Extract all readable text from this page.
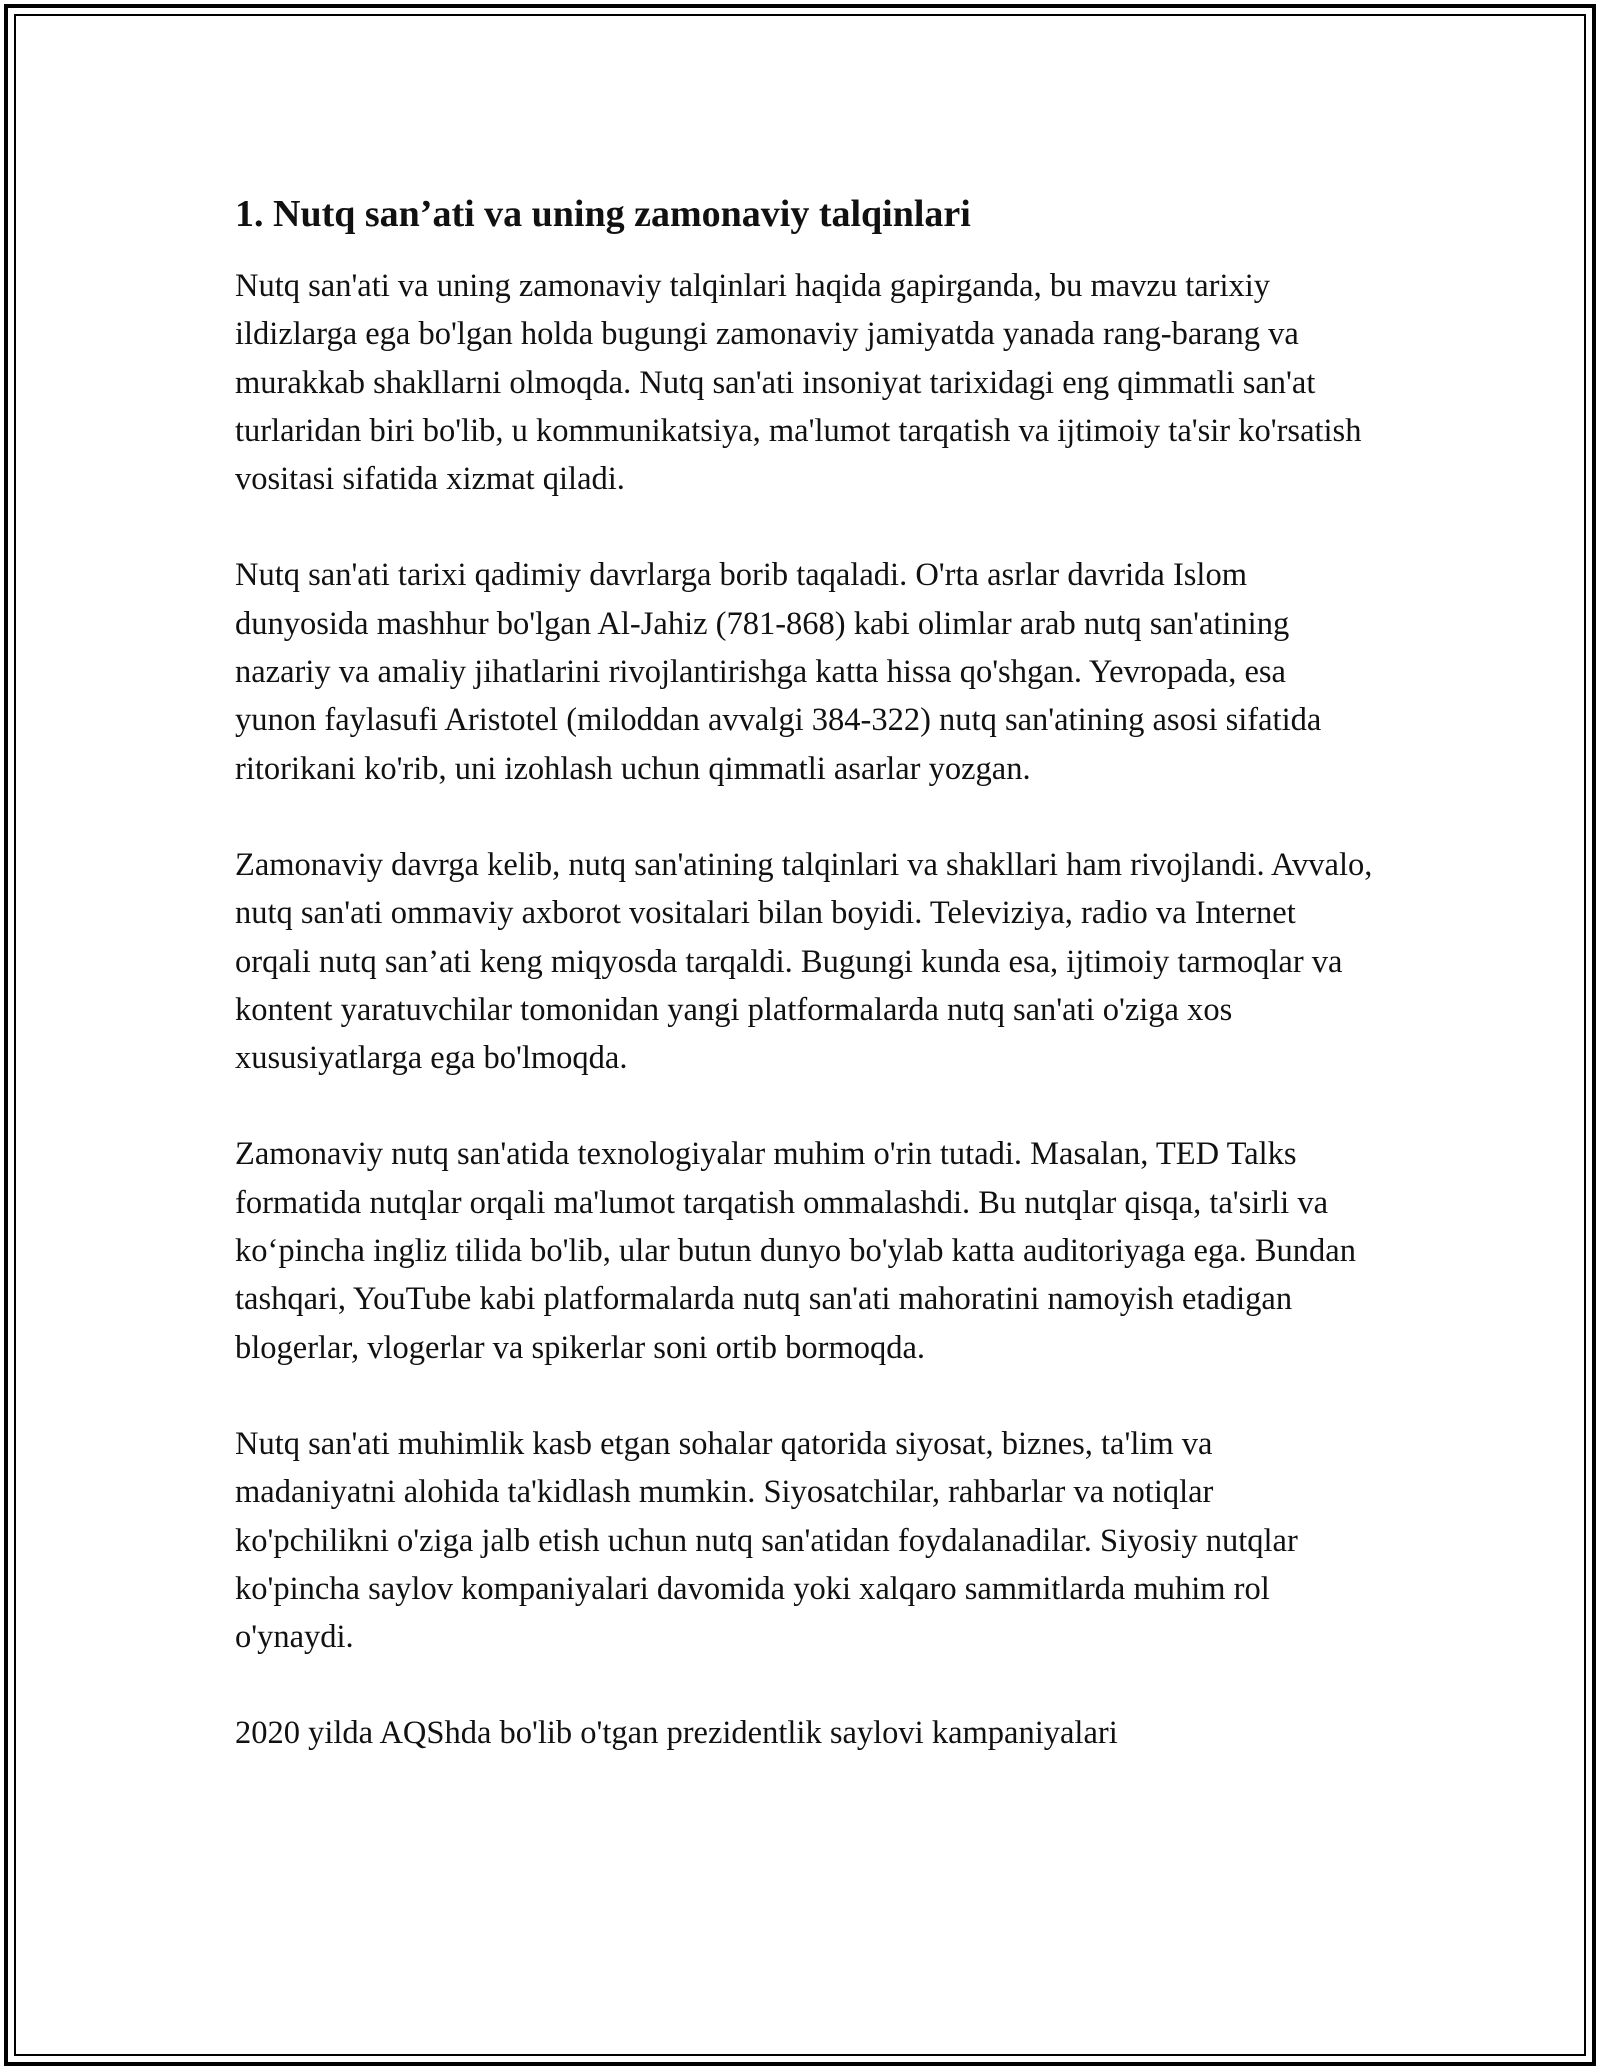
1. Nutq san’ati va uning zamonaviy talqinlari

Nutq san'ati va uning zamonaviy talqinlari haqida gapirganda, bu mavzu tarixiy ildizlarga ega bo'lgan holda bugungi zamonaviy jamiyatda yanada rang-barang va murakkab shakllarni olmoqda. Nutq san'ati insoniyat tarixidagi eng qimmatli san'at turlaridan biri bo'lib, u kommunikatsiya, ma'lumot tarqatish va ijtimoiy ta'sir ko'rsatish vositasi sifatida xizmat qiladi.

Nutq san'ati tarixi qadimiy davrlarga borib taqaladi. O'rta asrlar davrida Islom dunyosida mashhur bo'lgan Al-Jahiz (781-868) kabi olimlar arab nutq san'atining nazariy va amaliy jihatlarini rivojlantirishga katta hissa qo'shgan. Yevropada, esa yunon faylasufi Aristotel (miloddan avvalgi 384-322) nutq san'atining asosi sifatida ritorikani ko'rib, uni izohlash uchun qimmatli asarlar yozgan.

Zamonaviy davrga kelib, nutq san'atining talqinlari va shakllari ham rivojlandi. Avvalo, nutq san'ati ommaviy axborot vositalari bilan boyidi. Televiziya, radio va Internet orqali nutq san’ati keng miqyosda tarqaldi. Bugungi kunda esa, ijtimoiy tarmoqlar va kontent yaratuvchilar tomonidan yangi platformalarda nutq san'ati o'ziga xos xususiyatlarga ega bo'lmoqda.

Zamonaviy nutq san'atida texnologiyalar muhim o'rin tutadi. Masalan, TED Talks formatida nutqlar orqali ma'lumot tarqatish ommalashdi. Bu nutqlar qisqa, ta'sirli va ko‘pincha ingliz tilida bo'lib, ular butun dunyo bo'ylab katta auditoriyaga ega. Bundan tashqari, YouTube kabi platformalarda nutq san'ati mahoratini namoyish etadigan blogerlar, vlogerlar va spikerlar soni ortib bormoqda.

Nutq san'ati muhimlik kasb etgan sohalar qatorida siyosat, biznes, ta'lim va madaniyatni alohida ta'kidlash mumkin. Siyosatchilar, rahbarlar va notiqlar ko'pchilikni o'ziga jalb etish uchun nutq san'atidan foydalanadilar. Siyosiy nutqlar ko'pincha saylov kompaniyalari davomida yoki xalqaro sammitlarda muhim rol o'ynaydi.

2020 yilda AQShda bo'lib o'tgan prezidentlik saylovi kampaniyalari
